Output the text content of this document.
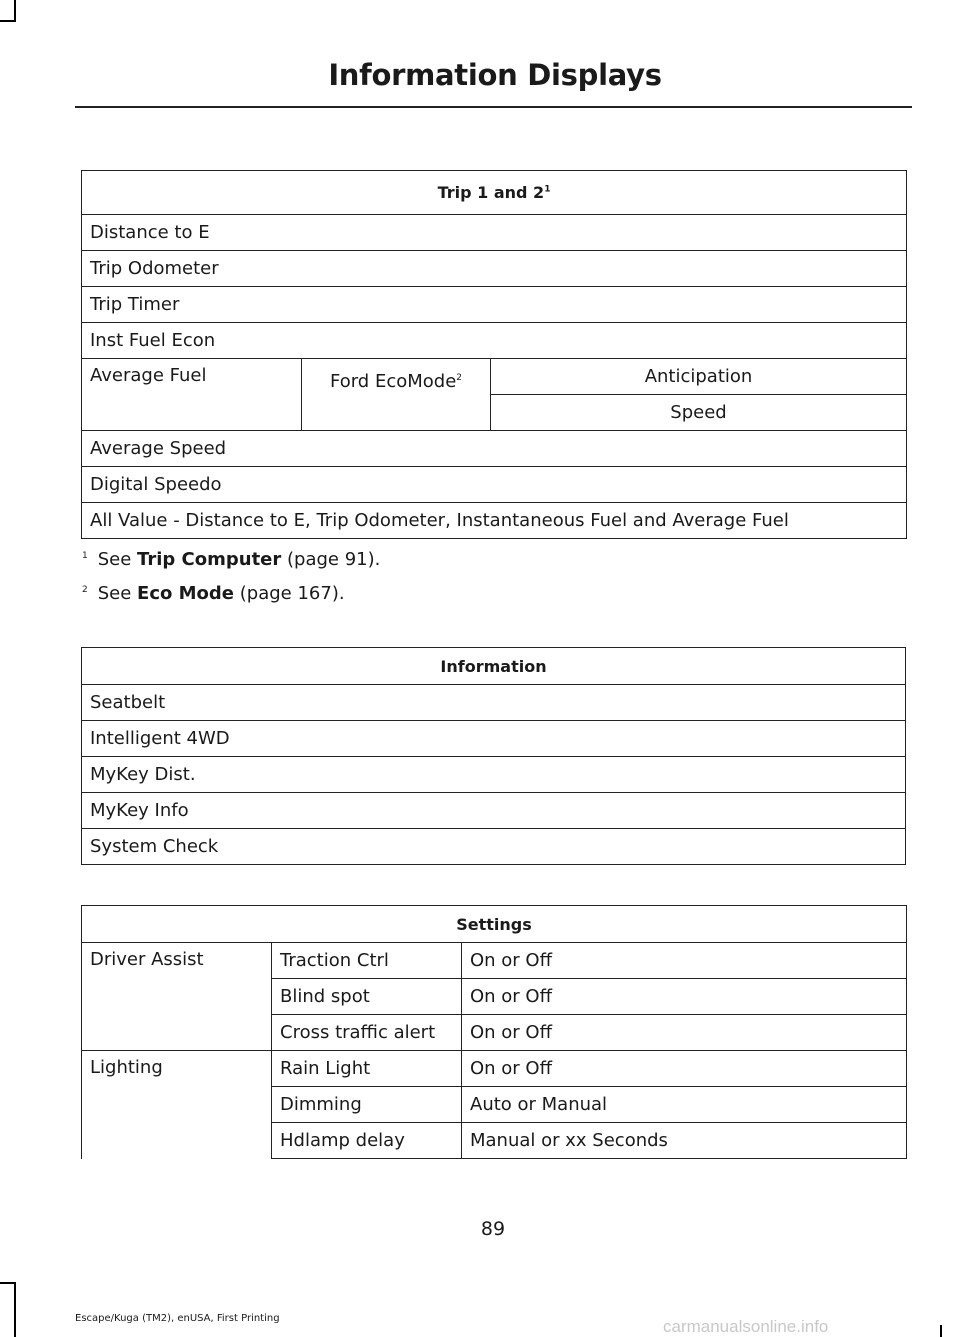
Information Displays
Trip 1 and $2^1$
Distance to E
Trip Odometer
Trip Timer
Inst Fuel Econ
Average Fuel	Ford EcoMode$^2$	Anticipation
Speed
Average Speed
Digital Speedo
All Value - Distance to E, Trip Odometer, Instantaneous Fuel and Average Fuel
$^1$ See Trip Computer (page 91).
$^2$ See Eco Mode (page 167).
Information
Seatbelt
Intelligent 4WD
MyKey Dist.
MyKey Info
System Check
Settings		
Driver Assist	Traction Ctrl	On or Off
	Blind spot	On or Off
	Cross traffic alert	On or Off
Lighting	Rain Light	On or Off
	Dimming	Auto or Manual
	Hdlamp delay	Manual or xx Seconds
89
Escape/Kuga (TM2), enUSA, First Printing	carmanualsonline.info
